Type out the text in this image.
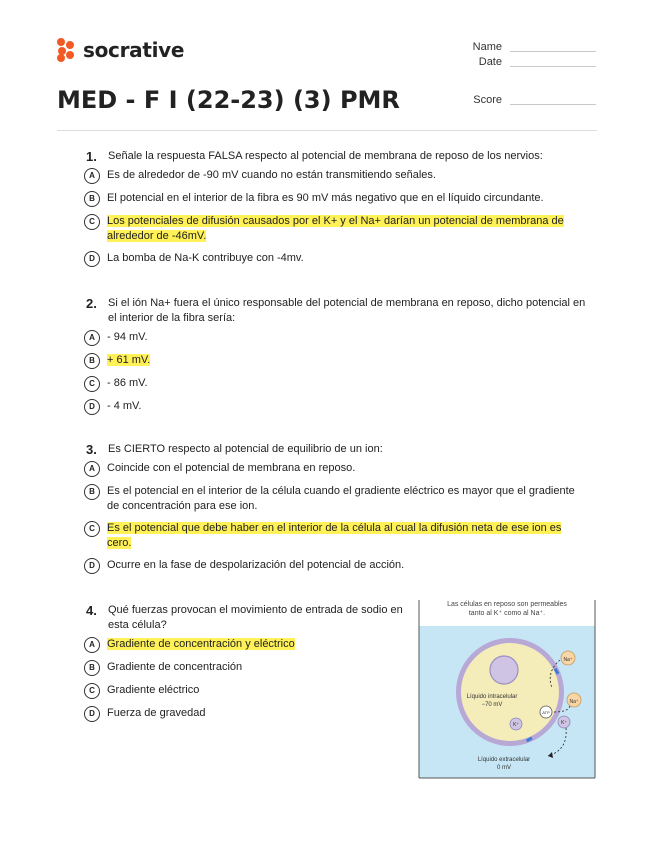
socrative
MED - F I (22-23) (3) PMR
Name
Date
Score
1.	Señale la respuesta FALSA respecto al potencial de membrana de reposo de los nervios:
A	Es de alrededor de -90 mV cuando no están transmitiendo señales.
B	El potencial en el interior de la fibra es 90 mV más negativo que en el líquido circundante.
C	Los potenciales de difusión causados por el K+ y el Na+ darían un potencial de membrana de alrededor de -46mV.
D	La bomba de Na-K contribuye con -4mv.
2.	Si el ión Na+ fuera el único responsable del potencial de membrana en reposo, dicho potencial en el interior de la fibra sería:
A	- 94 mV.
B	+ 61 mV.
C	- 86 mV.
D	- 4 mV.
3.	Es CIERTO respecto al potencial de equilibrio de un ion:
A	Coincide con el potencial de membrana en reposo.
B	Es el potencial en el interior de la célula cuando el gradiente eléctrico es mayor que el gradiente de concentración para ese ion.
C	Es el potencial que debe haber en el interior de la célula al cual la difusión neta de ese ion es cero.
D	Ocurre en la fase de despolarización del potencial de acción.
4.	Qué fuerzas provocan el movimiento de entrada de sodio en esta célula?
A	Gradiente de concentración y eléctrico
B	Gradiente de concentración
C	Gradiente eléctrico
D	Fuerza de gravedad
Las células en reposo son permeables
tanto al K⁺ como al Na⁺.
Na⁺
Na⁺
K⁺
K⁺
ATP
Líquido intracelular
−70 mV
Líquido extracelular
0 mV
